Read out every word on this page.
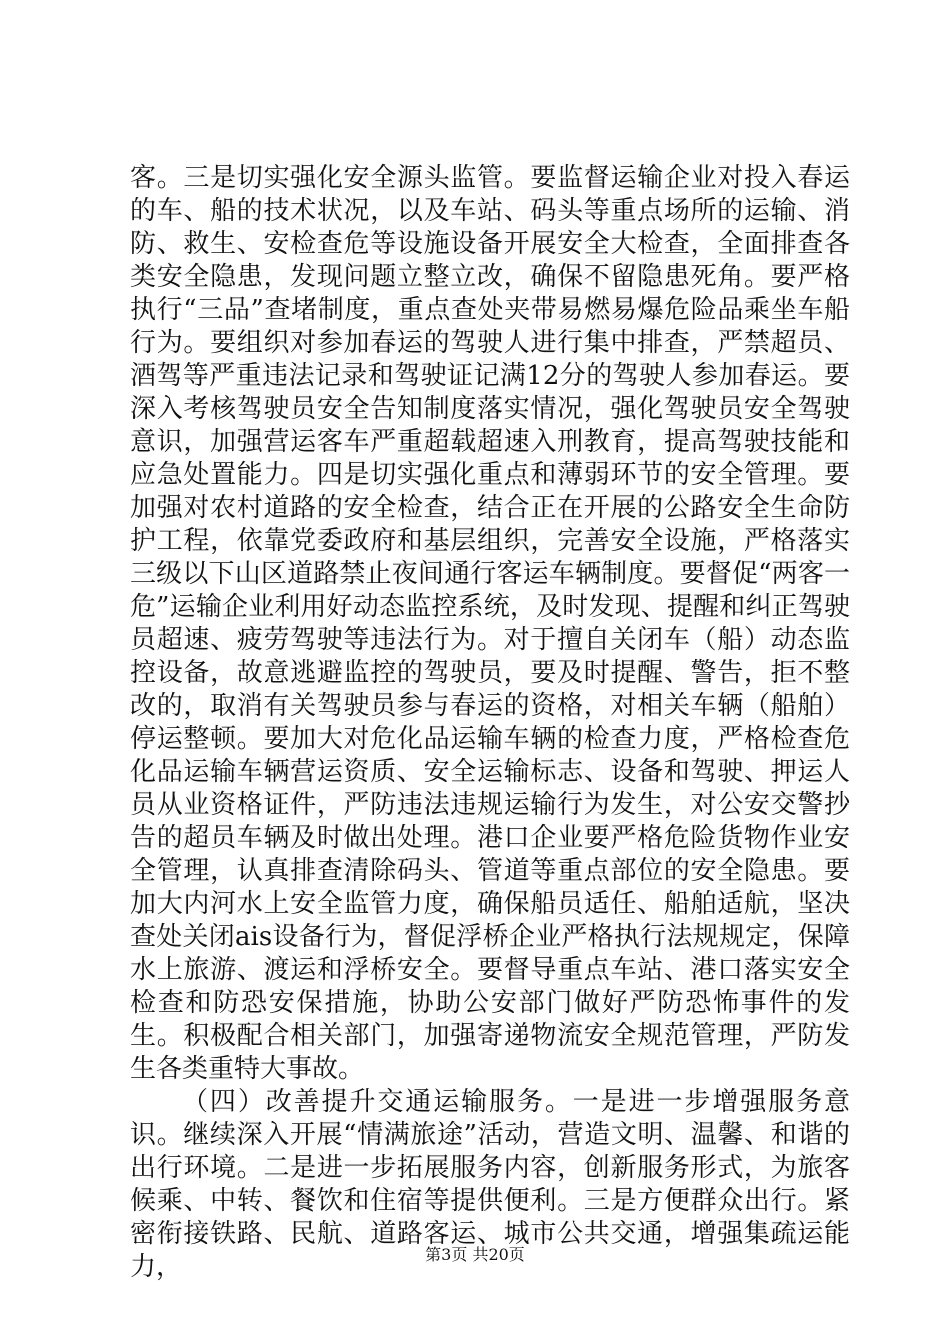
客。三是切实强化安全源头监管。要监督运输企业对投入春运的车、船的技术状况，以及车站、码头等重点场所的运输、消防、救生、安检查危等设施设备开展安全大检查，全面排查各类安全隐患，发现问题立整立改，确保不留隐患死角。要严格执行“三品”查堵制度，重点查处夹带易燃易爆危险品乘坐车船行为。要组织对参加春运的驾驶人进行集中排查，严禁超员、酒驾等严重违法记录和驾驶证记满12分的驾驶人参加春运。要深入考核驾驶员安全告知制度落实情况，强化驾驶员安全驾驶意识，加强营运客车严重超载超速入刑教育，提高驾驶技能和应急处置能力。四是切实强化重点和薄弱环节的安全管理。要加强对农村道路的安全检查，结合正在开展的公路安全生命防护工程，依靠党委政府和基层组织，完善安全设施，严格落实三级以下山区道路禁止夜间通行客运车辆制度。要督促“两客一危”运输企业利用好动态监控系统，及时发现、提醒和纠正驾驶员超速、疲劳驾驶等违法行为。对于擅自关闭车（船）动态监控设备，故意逃避监控的驾驶员，要及时提醒、警告，拒不整改的，取消有关驾驶员参与春运的资格，对相关车辆（船舶）停运整顿。要加大对危化品运输车辆的检查力度，严格检查危化品运输车辆营运资质、安全运输标志、设备和驾驶、押运人员从业资格证件，严防违法违规运输行为发生，对公安交警抄告的超员车辆及时做出处理。港口企业要严格危险货物作业安全管理，认真排查清除码头、管道等重点部位的安全隐患。要加大内河水上安全监管力度，确保船员适任、船舶适航，坚决查处关闭ais设备行为，督促浮桥企业严格执行法规规定，保障水上旅游、渡运和浮桥安全。要督导重点车站、港口落实安全检查和防恐安保措施，协助公安部门做好严防恐怖事件的发生。积极配合相关部门，加强寄递物流安全规范管理，严防发生各类重特大事故。

（四）改善提升交通运输服务。一是进一步增强服务意识。继续深入开展“情满旅途”活动，营造文明、温馨、和谐的出行环境。二是进一步拓展服务内容，创新服务形式，为旅客候乘、中转、餐饮和住宿等提供便利。三是方便群众出行。紧密衔接铁路、民航、道路客运、城市公共交通，增强集疏运能力，	第3页 共20页
